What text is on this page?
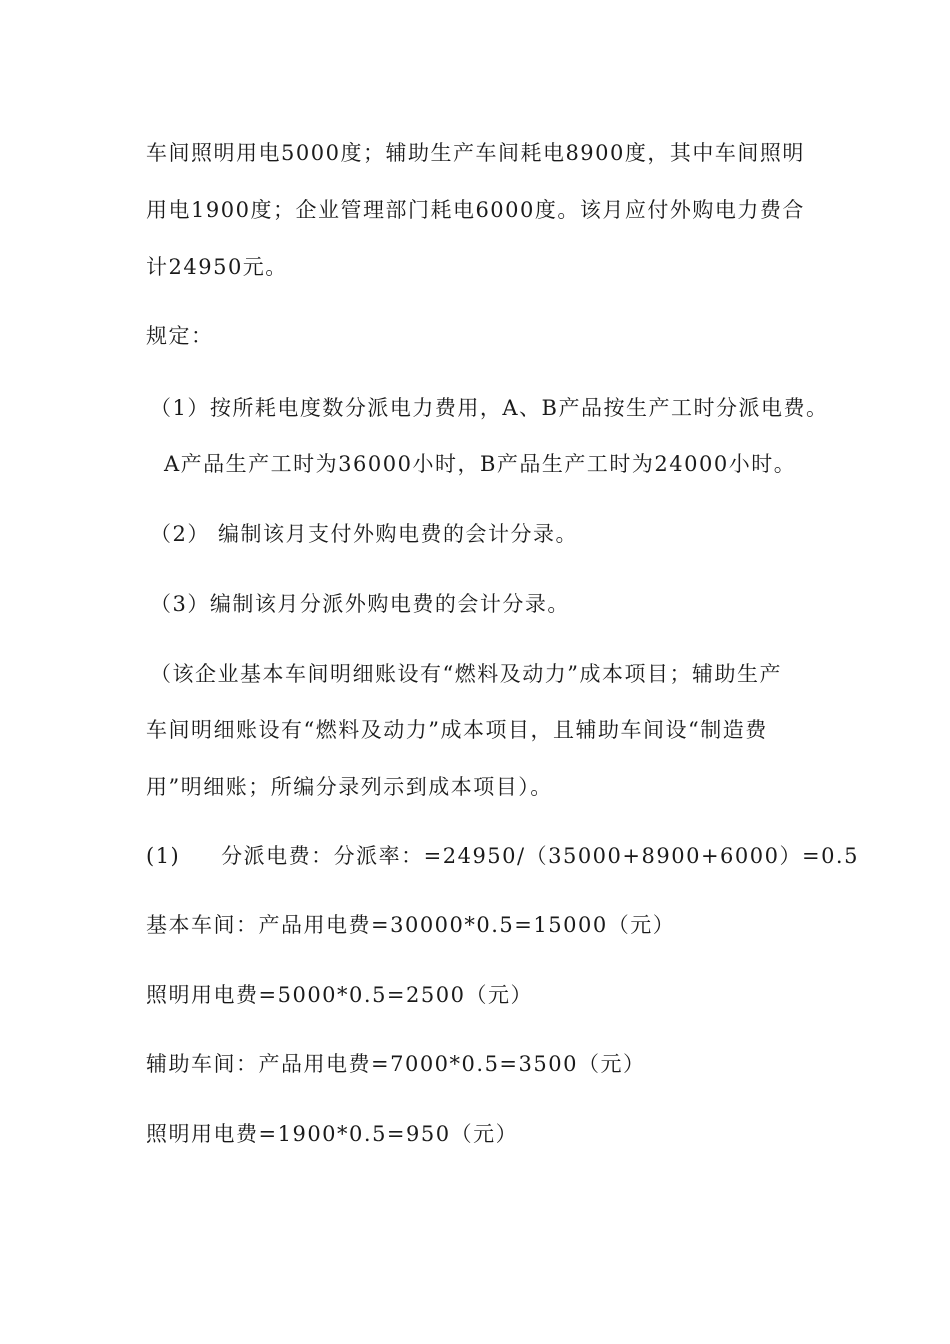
车间照明用电5000度；辅助生产车间耗电8900度，其中车间照明
用电1900度；企业管理部门耗电6000度。该月应付外购电力费合
计24950元。
规定：
（1）按所耗电度数分派电力费用，A、B产品按生产工时分派电费。
A产品生产工时为36000小时，B产品生产工时为24000小时。
（2） 编制该月支付外购电费的会计分录。
（3）编制该月分派外购电费的会计分录。
（该企业基本车间明细账设有“燃料及动力”成本项目；辅助生产
车间明细账设有“燃料及动力”成本项目，且辅助车间设“制造费
用”明细账；所编分录列示到成本项目）。
(1)     分派电费：分派率：=24950/（35000+8900+6000）=0.5
基本车间：产品用电费=30000*0.5=15000（元）
照明用电费=5000*0.5=2500（元）
辅助车间：产品用电费=7000*0.5=3500（元）
照明用电费=1900*0.5=950（元）
